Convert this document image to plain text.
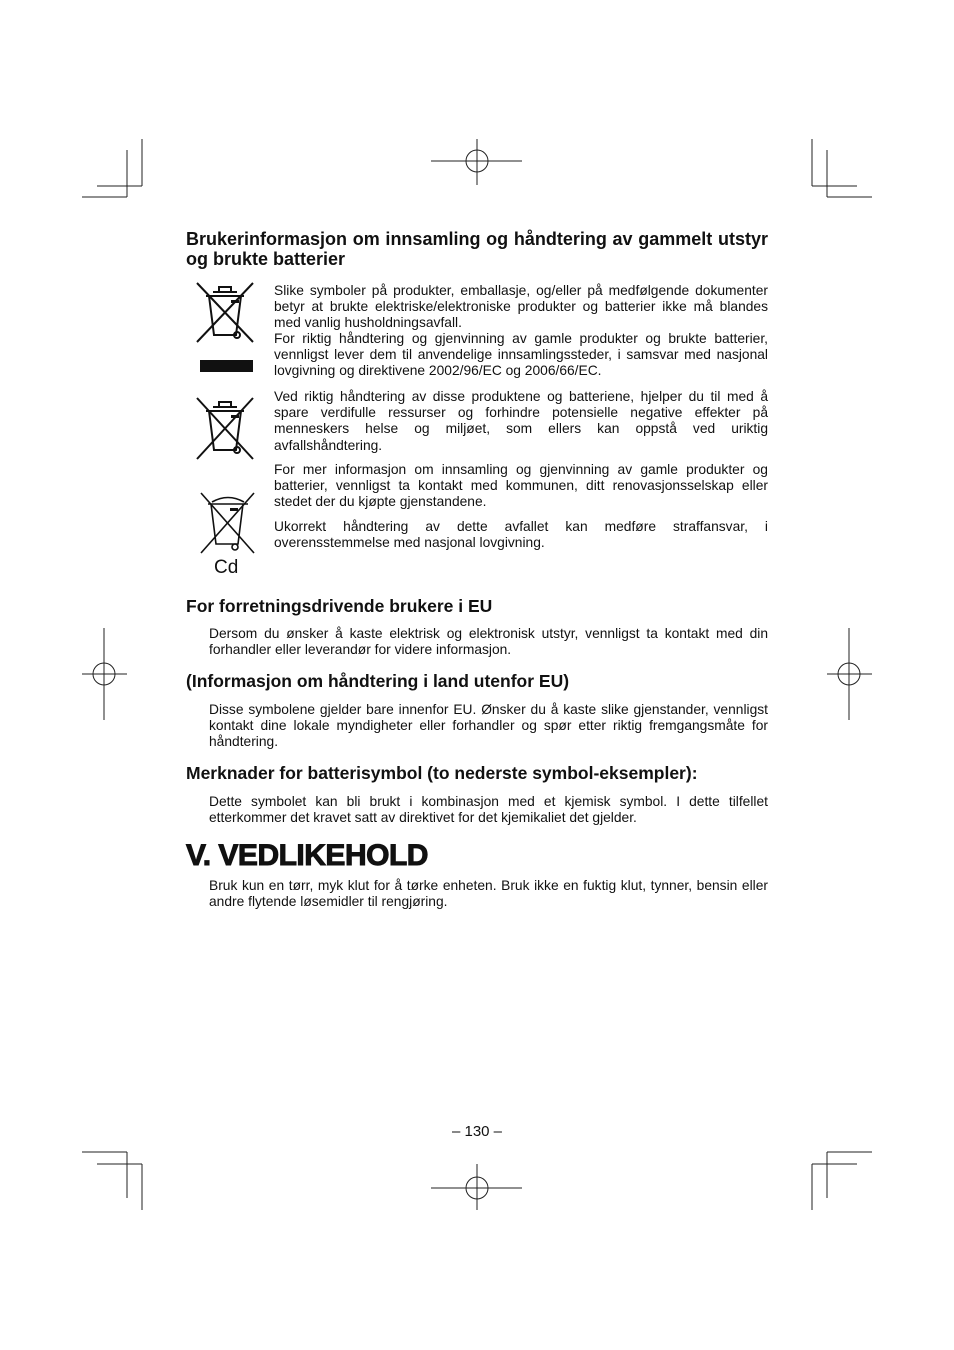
Brukerinformasjon om innsamling og håndtering av gammelt utstyr og brukte batterier
Cd

Slike symboler på produkter, emballasje, og/eller på medfølgende dokumenter betyr at brukte elektriske/elektroniske produkter og batterier ikke må blandes med vanlig husholdningsavfall.

For riktig håndtering og gjenvinning av gamle produkter og brukte batterier, vennligst lever dem til anvendelige innsamlingssteder, i samsvar med nasjonal lovgivning og direktivene 2002/96/EC og 2006/66/EC.

Ved riktig håndtering av disse produktene og batteriene, hjelper du til med å spare verdifulle ressurser og forhindre potensielle negative effekter på menneskers helse og miljøet, som ellers kan oppstå ved uriktig avfallshåndtering.

For mer informasjon om innsamling og gjenvinning av gamle produkter og batterier, vennligst ta kontakt med kommunen, ditt renovasjonsselskap eller stedet der du kjøpte gjenstandene.

Ukorrekt håndtering av dette avfallet kan medføre straffansvar, i overensstemmelse med nasjonal lovgivning.

For forretningsdrivende brukere i EU

Dersom du ønsker å kaste elektrisk og elektronisk utstyr, vennligst ta kontakt med din forhandler eller leverandør for videre informasjon.

(Informasjon om håndtering i land utenfor EU)

Disse symbolene gjelder bare innenfor EU. Ønsker du å kaste slike gjenstander, vennligst kontakt dine lokale myndigheter eller forhandler og spør etter riktig fremgangsmåte for håndtering.

Merknader for batterisymbol (to nederste symbol-eksempler):

Dette symbolet kan bli brukt i kombinasjon med et kjemisk symbol. I dette tilfellet etterkommer det kravet satt av direktivet for det kjemikaliet det gjelder.

V. VEDLIKEHOLD

Bruk kun en tørr, myk klut for å tørke enheten. Bruk ikke en fuktig klut, tynner, bensin eller andre flytende løsemidler til rengjøring.

– 130 –
